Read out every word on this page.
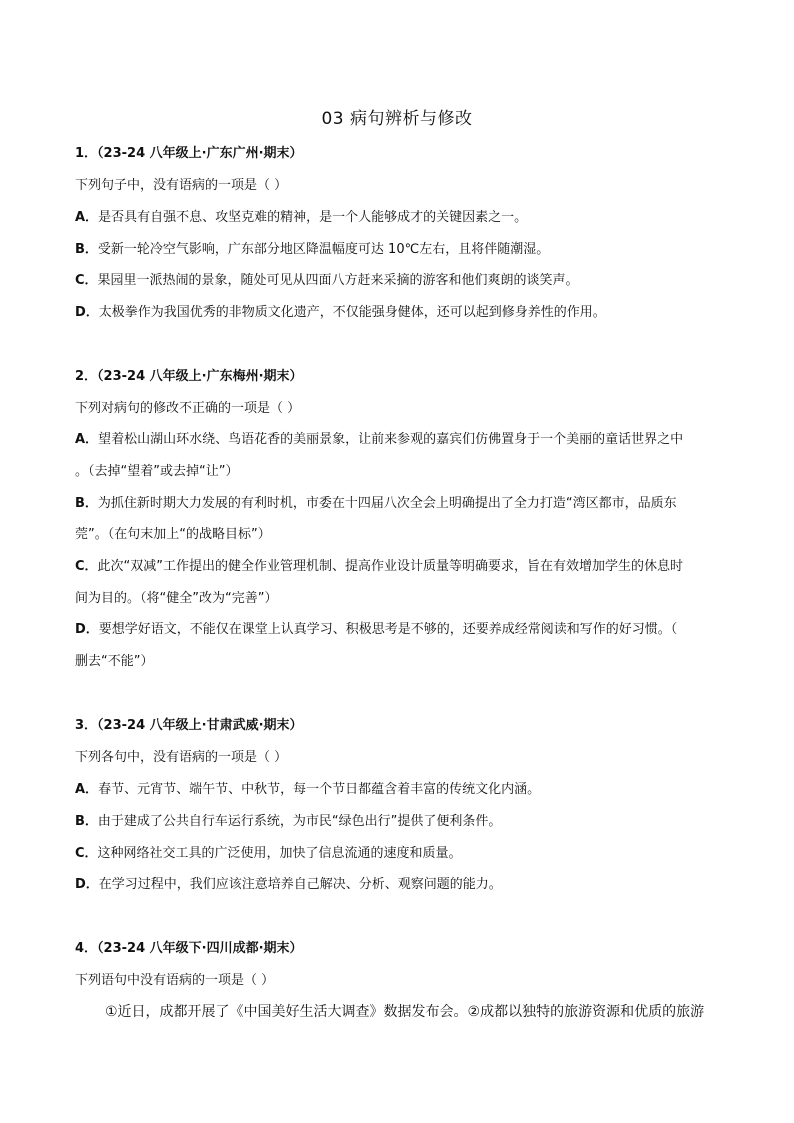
03 病句辨析与修改
1．（23-24 八年级上·广东广州·期末）
下列句子中，没有语病的一项是（ ）
A．是否具有自强不息、攻坚克难的精神，是一个人能够成才的关键因素之一。
B．受新一轮冷空气影响，广东部分地区降温幅度可达 10℃左右，且将伴随潮湿。
C．果园里一派热闹的景象，随处可见从四面八方赶来采摘的游客和他们爽朗的谈笑声。
D．太极拳作为我国优秀的非物质文化遗产，不仅能强身健体，还可以起到修身养性的作用。
2．（23-24 八年级上·广东梅州·期末）
下列对病句的修改不正确的一项是（ ）
A．望着松山湖山环水绕、鸟语花香的美丽景象，让前来参观的嘉宾们仿佛置身于一个美丽的童话世界之中
。（去掉“望着”或去掉“让”）
B．为抓住新时期大力发展的有利时机，市委在十四届八次全会上明确提出了全力打造“湾区都市，品质东
莞”。（在句末加上“的战略目标”）
C．此次“双减”工作提出的健全作业管理机制、提高作业设计质量等明确要求，旨在有效增加学生的休息时
间为目的。（将“健全”改为“完善”）
D．要想学好语文，不能仅在课堂上认真学习、积极思考是不够的，还要养成经常阅读和写作的好习惯。（
删去“不能”）
3．（23-24 八年级上·甘肃武威·期末）
下列各句中，没有语病的一项是（ ）
A．春节、元宵节、端午节、中秋节，每一个节日都蕴含着丰富的传统文化内涵。
B．由于建成了公共自行车运行系统，为市民“绿色出行”提供了便利条件。
C．这种网络社交工具的广泛使用，加快了信息流通的速度和质量。
D．在学习过程中，我们应该注意培养自己解决、分析、观察问题的能力。
4．（23-24 八年级下·四川成都·期末）
下列语句中没有语病的一项是（ ）
①近日，成都开展了《中国美好生活大调查》数据发布会。②成都以独特的旅游资源和优质的旅游
